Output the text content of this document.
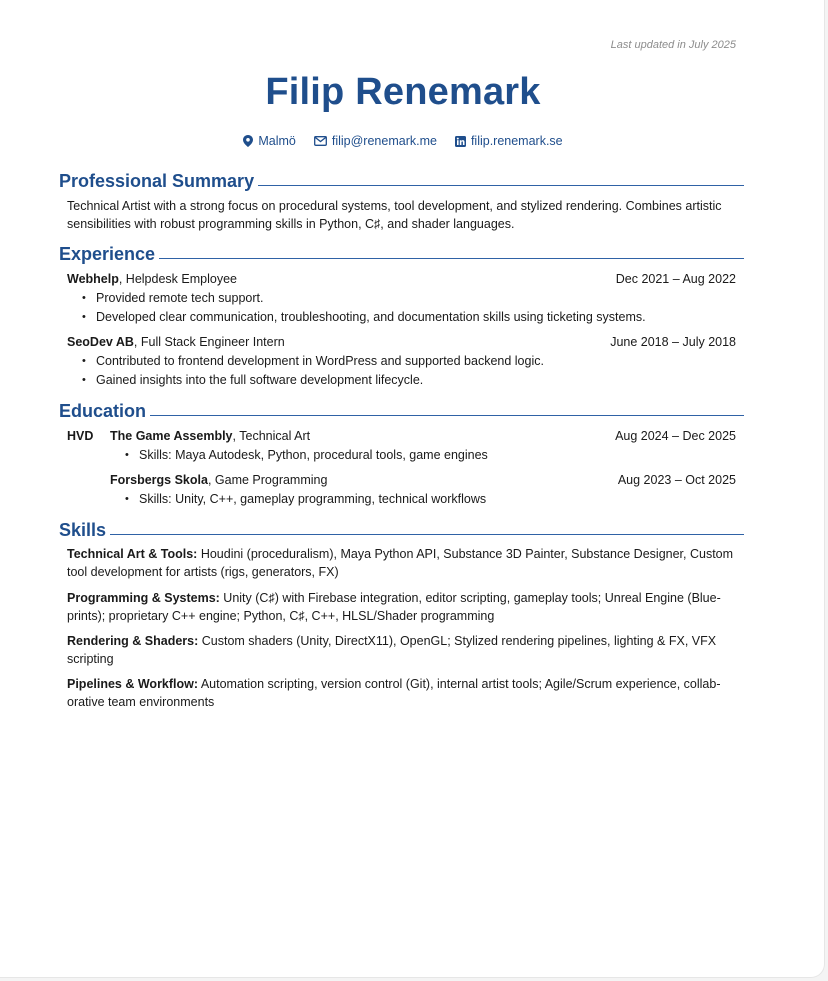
Last updated in July 2025
Filip Renemark
Malmö	filip@renemark.me	filip.renemark.se
Professional Summary
Technical Artist with a strong focus on procedural systems, tool development, and stylized rendering. Combines artistic sensibilities with robust programming skills in Python, C♯, and shader languages.
Experience
Webhelp, Helpdesk Employee	Dec 2021 – Aug 2022
• Provided remote tech support.
• Developed clear communication, troubleshooting, and documentation skills using ticketing systems.
SeoDev AB, Full Stack Engineer Intern	June 2018 – July 2018
• Contributed to frontend development in WordPress and supported backend logic.
• Gained insights into the full software development lifecycle.
Education
HVD The Game Assembly, Technical Art	Aug 2024 – Dec 2025
• Skills: Maya Autodesk, Python, procedural tools, game engines
Forsbergs Skola, Game Programming	Aug 2023 – Oct 2025
• Skills: Unity, C++, gameplay programming, technical workflows
Skills
Technical Art & Tools: Houdini (proceduralism), Maya Python API, Substance 3D Painter, Substance Designer, Custom tool development for artists (rigs, generators, FX)
Programming & Systems: Unity (C♯) with Firebase integration, editor scripting, gameplay tools; Unreal Engine (Blue-prints); proprietary C++ engine; Python, C♯, C++, HLSL/Shader programming
Rendering & Shaders: Custom shaders (Unity, DirectX11), OpenGL; Stylized rendering pipelines, lighting & FX, VFX scripting
Pipelines & Workflow: Automation scripting, version control (Git), internal artist tools; Agile/Scrum experience, collab-orative team environments
